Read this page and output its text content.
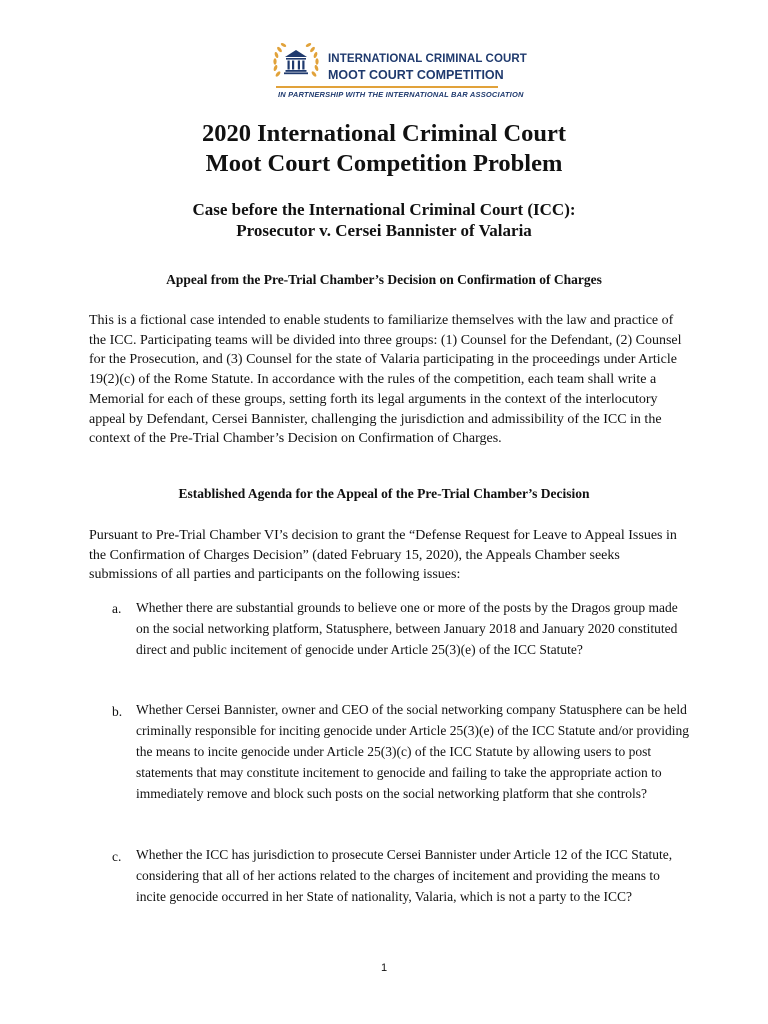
INTERNATIONAL CRIMINAL COURT
MOOT COURT COMPETITION
IN PARTNERSHIP WITH THE INTERNATIONAL BAR ASSOCIATION
2020 International Criminal Court
Moot Court Competition Problem
Case before the International Criminal Court (ICC):
Prosecutor v. Cersei Bannister of Valaria
Appeal from the Pre-Trial Chamber’s Decision on Confirmation of Charges
This is a fictional case intended to enable students to familiarize themselves with the law and practice of the ICC. Participating teams will be divided into three groups: (1) Counsel for the Defendant, (2) Counsel for the Prosecution, and (3) Counsel for the state of Valaria participating in the proceedings under Article 19(2)(c) of the Rome Statute. In accordance with the rules of the competition, each team shall write a Memorial for each of these groups, setting forth its legal arguments in the context of the interlocutory appeal by Defendant, Cersei Bannister, challenging the jurisdiction and admissibility of the ICC in the context of the Pre-Trial Chamber’s Decision on Confirmation of Charges.
Established Agenda for the Appeal of the Pre-Trial Chamber’s Decision
Pursuant to Pre-Trial Chamber VI’s decision to grant the “Defense Request for Leave to Appeal Issues in the Confirmation of Charges Decision” (dated February 15, 2020), the Appeals Chamber seeks submissions of all parties and participants on the following issues:
a. Whether there are substantial grounds to believe one or more of the posts by the Dragos group made on the social networking platform, Statusphere, between January 2018 and January 2020 constituted direct and public incitement of genocide under Article 25(3)(e) of the ICC Statute?
b. Whether Cersei Bannister, owner and CEO of the social networking company Statusphere can be held criminally responsible for inciting genocide under Article 25(3)(e) of the ICC Statute and/or providing the means to incite genocide under Article 25(3)(c) of the ICC Statute by allowing users to post statements that may constitute incitement to genocide and failing to take the appropriate action to immediately remove and block such posts on the social networking platform that she controls?
c. Whether the ICC has jurisdiction to prosecute Cersei Bannister under Article 12 of the ICC Statute, considering that all of her actions related to the charges of incitement and providing the means to incite genocide occurred in her State of nationality, Valaria, which is not a party to the ICC?
1
